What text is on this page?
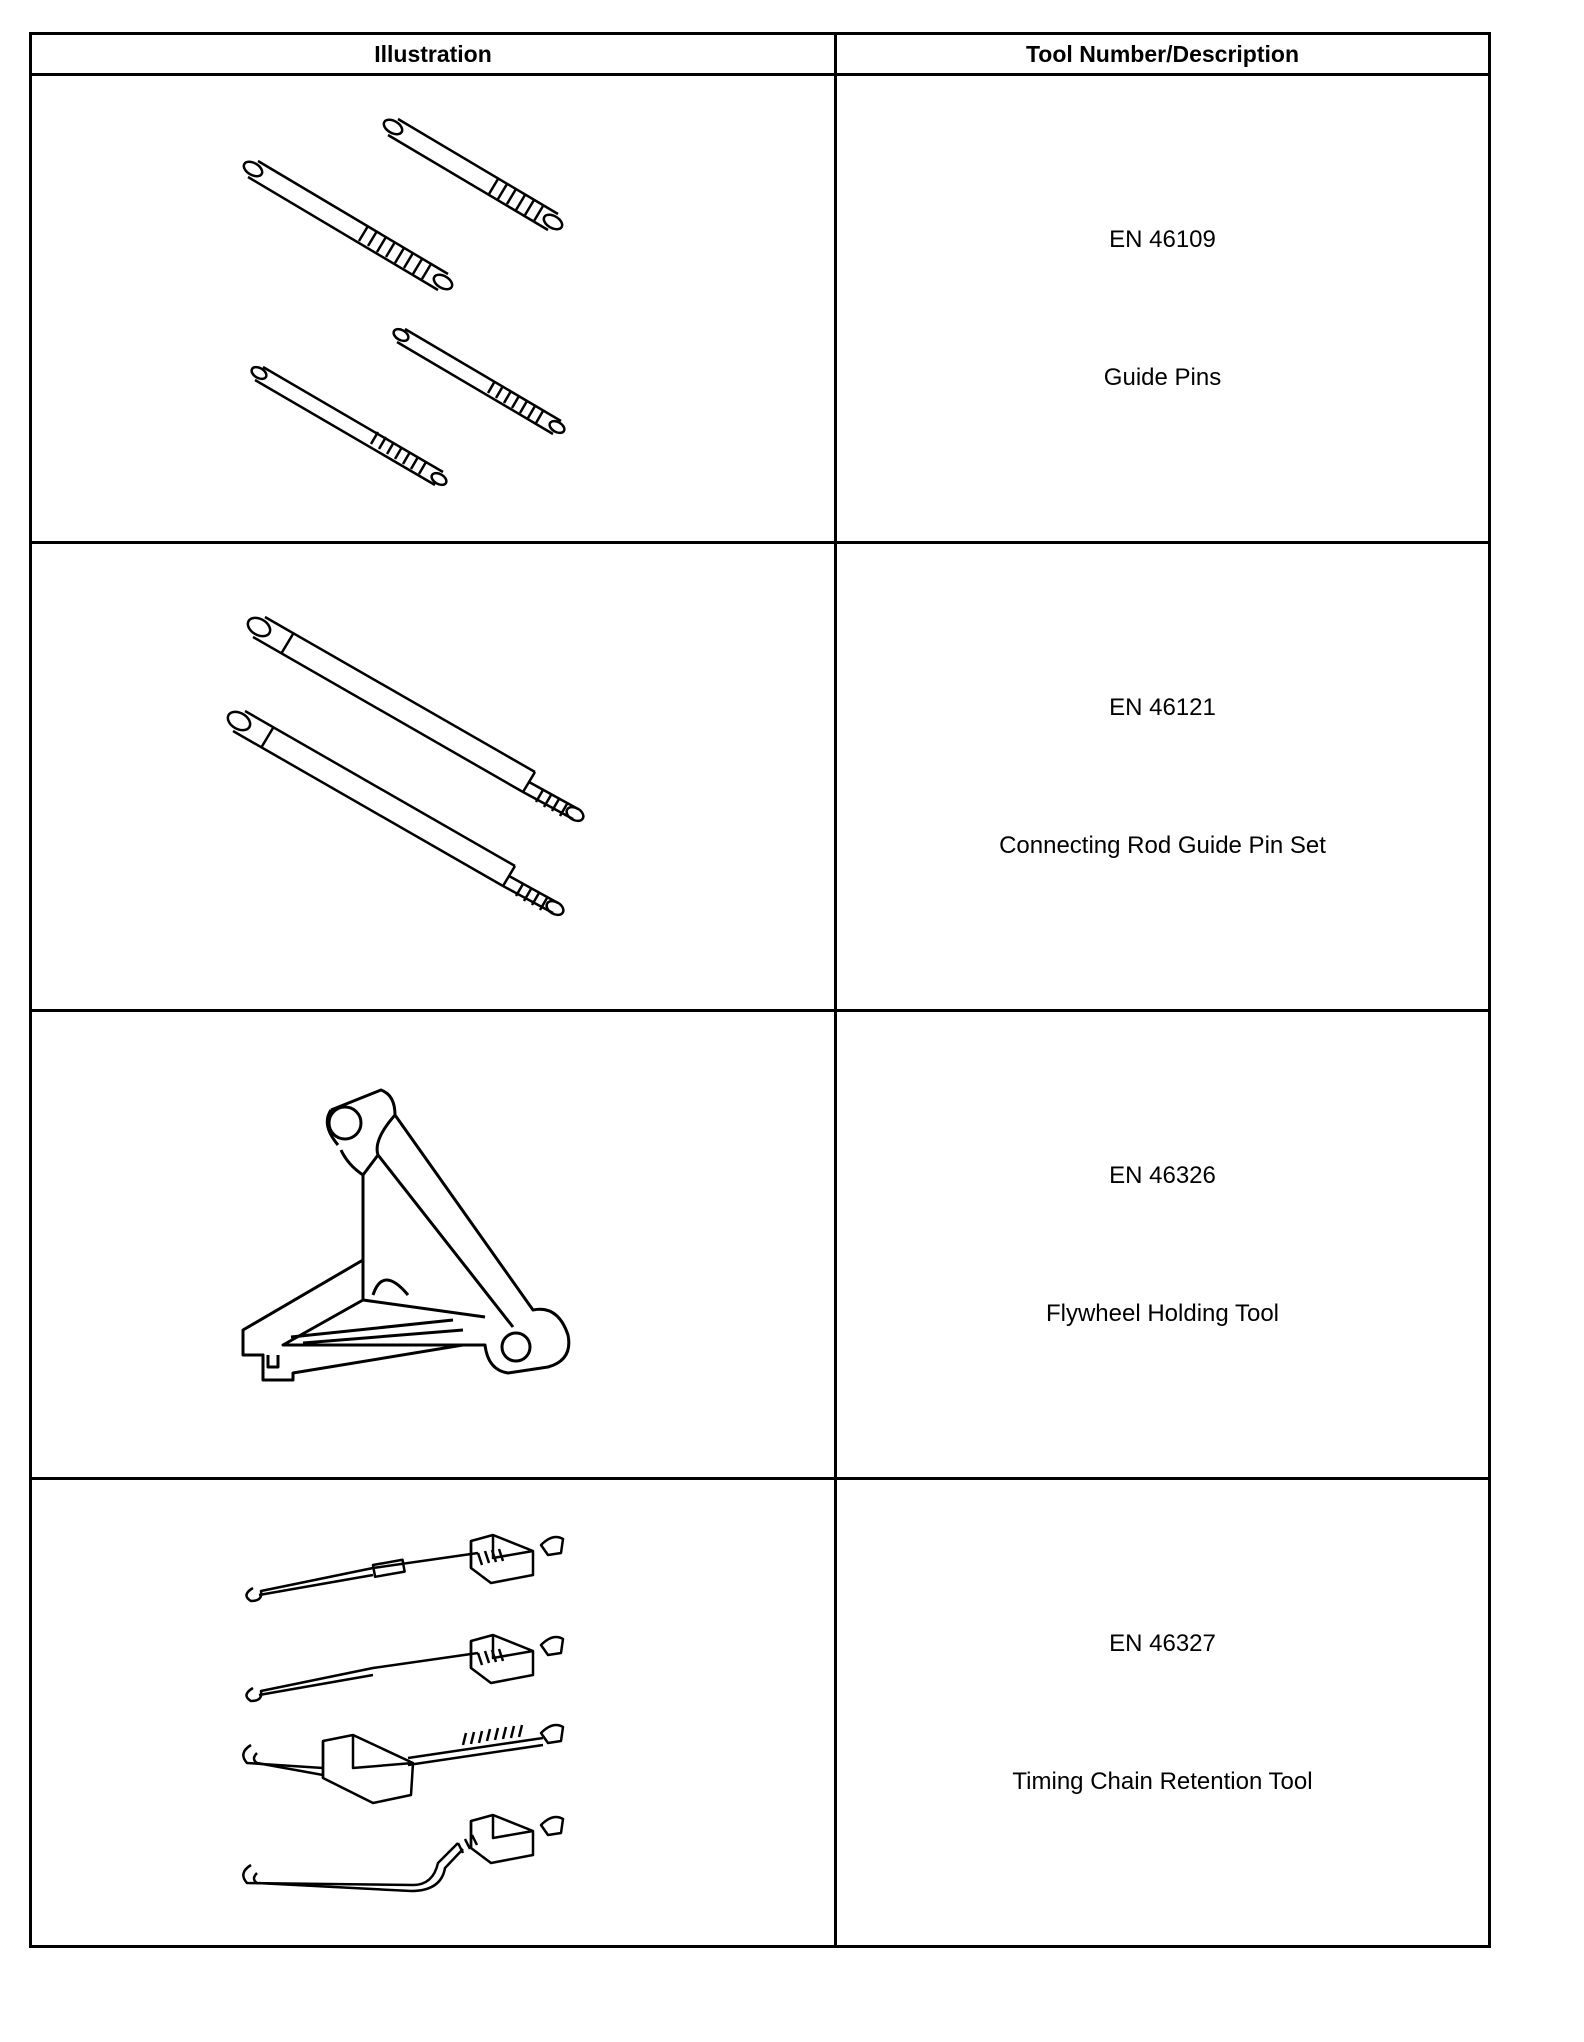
Illustration	Tool Number/Description

EN 46109
Guide Pins

EN 46121
Connecting Rod Guide Pin Set

EN 46326
Flywheel Holding Tool

EN 46327
Timing Chain Retention Tool
